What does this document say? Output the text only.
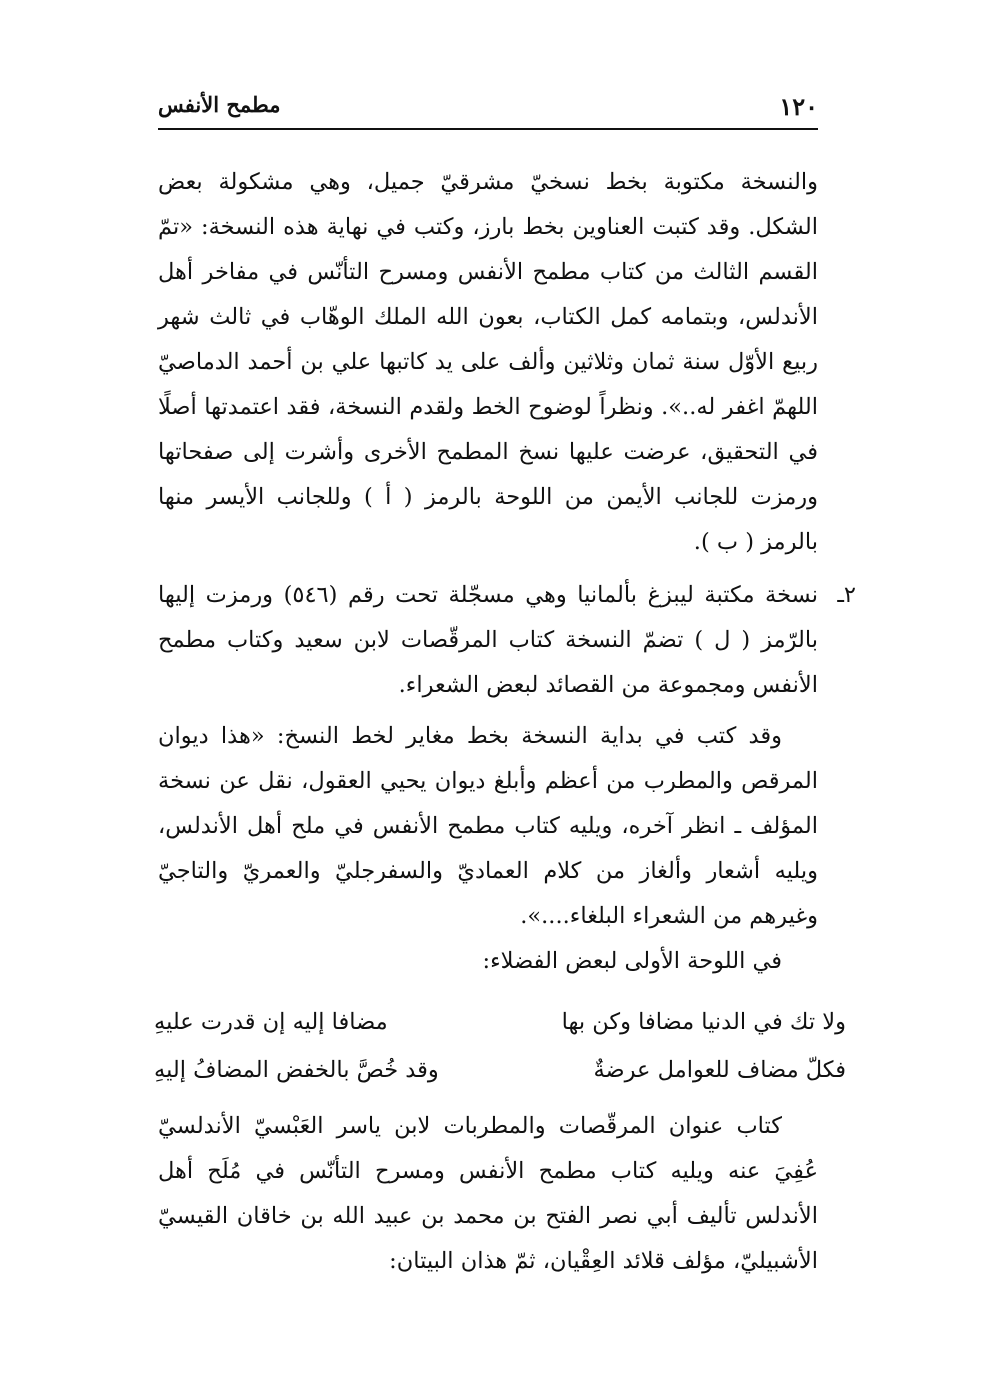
١٢٠
مطمح الأنفس

والنسخة مكتوبة بخط نسخيّ مشرقيّ جميل، وهي مشكولة بعض الشكل. وقد كتبت العناوين بخط بارز، وكتب في نهاية هذه النسخة: «تمّ القسم الثالث من كتاب مطمح الأنفس ومسرح التأنّس في مفاخر أهل الأندلس، وبتمامه كمل الكتاب، بعون الله الملك الوهّاب في ثالث شهر ربيع الأوّل سنة ثمان وثلاثين وألف على يد كاتبها علي بن أحمد الدماصيّ اللهمّ اغفر له..». ونظراً لوضوح الخط ولقدم النسخة، فقد اعتمدتها أصلًا في التحقيق، عرضت عليها نسخ المطمح الأخرى وأشرت إلى صفحاتها ورمزت للجانب الأيمن من اللوحة بالرمز ( أ ) وللجانب الأيسر منها بالرمز ( ب ).

٢ـ

نسخة مكتبة ليبزغ بألمانيا وهي مسجّلة تحت رقم (٥٤٦) ورمزت إليها بالرّمز ( ل ) تضمّ النسخة كتاب المرقّصات لابن سعيد وكتاب مطمح الأنفس ومجموعة من القصائد لبعض الشعراء.

وقد كتب في بداية النسخة بخط مغاير لخط النسخ: «هذا ديوان المرقص والمطرب من أعظم وأبلغ ديوان يحيي العقول، نقل عن نسخة المؤلف ـ انظر آخره، ويليه كتاب مطمح الأنفس في ملح أهل الأندلس، ويليه أشعار وألغاز من كلام العماديّ والسفرجليّ والعمريّ والتاجيّ وغيرهم من الشعراء البلغاء....».

في اللوحة الأولى لبعض الفضلاء:

ولا تك في الدنيا مضافا وكن بها
مضافا إليه إن قدرت عليهِ
فكلّ مضاف للعوامل عرضةٌ
وقد خُصَّ بالخفض المضافُ إليهِ

كتاب عنوان المرقّصات والمطربات لابن ياسر العَبْسيّ الأندلسيّ عُفِيَ عنه ويليه كتاب مطمح الأنفس ومسرح التأنّس في مُلَح أهل الأندلس تأليف أبي نصر الفتح بن محمد بن عبيد الله بن خاقان القيسيّ الأشبيليّ، مؤلف قلائد العِقْيان، ثمّ هذان البيتان:
